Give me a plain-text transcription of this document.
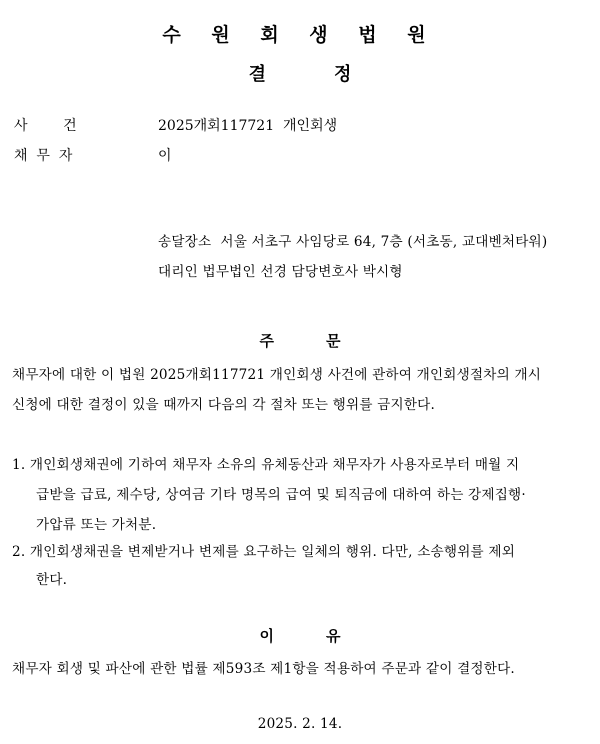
수 원 회 생 법 원
결	정
사        건	2025개회117721  개인회생
채  무  자	이
송달장소 서울 서초구 사임당로 64, 7층 (서초동, 교대벤처타워)
대리인 법무법인 선경 담당변호사 박시형
주	문
채무자에 대한 이 법원 2025개회117721 개인회생 사건에 관하여 개인회생절차의 개시
신청에 대한 결정이 있을 때까지 다음의 각 절차 또는 행위를 금지한다.
1. 개인회생채권에 기하여 채무자 소유의 유체동산과 채무자가 사용자로부터 매월 지
급받을 급료, 제수당, 상여금 기타 명목의 급여 및 퇴직금에 대하여 하는 강제집행·
가압류 또는 가처분.
2. 개인회생채권을 변제받거나 변제를 요구하는 일체의 행위. 다만, 소송행위를 제외
한다.
이	유
채무자 회생 및 파산에 관한 법률 제593조 제1항을 적용하여 주문과 같이 결정한다.
2025. 2. 14.
